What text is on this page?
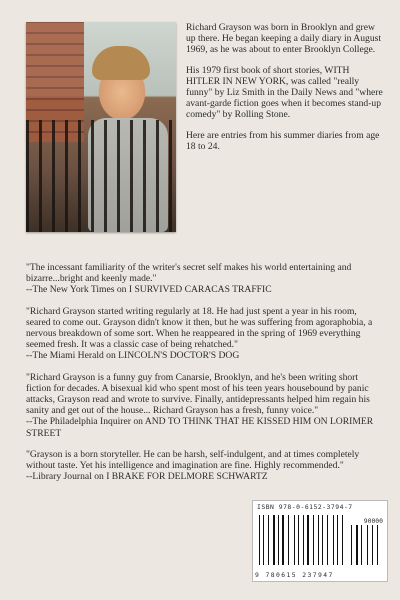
Richard Grayson was born in Brooklyn and grew up there. He began keeping a daily diary in August 1969, as he was about to enter Brooklyn College.

His 1979 first book of short stories, WITH HITLER IN NEW YORK, was called "really funny" by Liz Smith in the Daily News and "where avant-garde fiction goes when it becomes stand-up comedy" by Rolling Stone.

Here are entries from his summer diaries from age 18 to 24.

"The incessant familiarity of the writer's secret self makes his world entertaining and bizarre...bright and keenly made."
--The New York Times on I SURVIVED CARACAS TRAFFIC

"Richard Grayson started writing regularly at 18. He had just spent a year in his room, seared to come out. Grayson didn't know it then, but he was suffering from agoraphobia, a nervous breakdown of some sort. When he reappeared in the spring of 1969 everything seemed fresh. It was a classic case of being rehatched."
--The Miami Herald on LINCOLN'S DOCTOR'S DOG

"Richard Grayson is a funny guy from Canarsie, Brooklyn, and he's been writing short fiction for decades. A bisexual kid who spent most of his teen years housebound by panic attacks, Grayson read and wrote to survive. Finally, antidepressants helped him regain his sanity and get out of the house... Richard Grayson has a fresh, funny voice."
--The Philadelphia Inquirer on AND TO THINK THAT HE KISSED HIM ON LORIMER STREET

"Grayson is a born storyteller. He can be harsh, self-indulgent, and at times completely without taste. Yet his intelligence and imagination are fine. Highly recommended."
--Library Journal on I BRAKE FOR DELMORE SCHWARTZ

ISBN 978-0-6152-3794-7
90000
9 780615 237947
